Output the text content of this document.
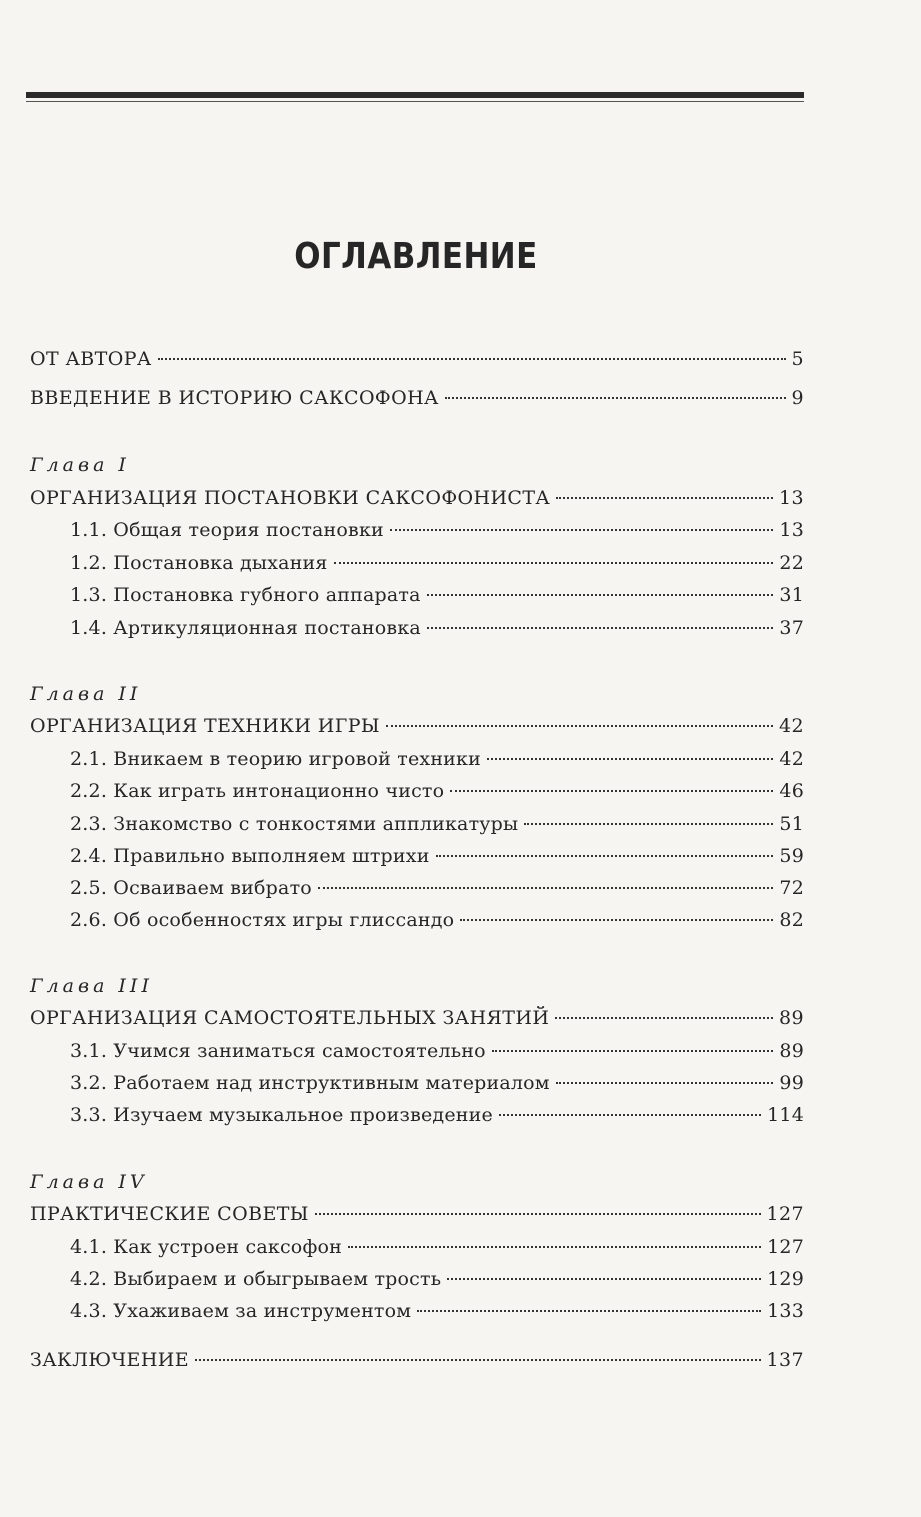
ОГЛАВЛЕНИЕ
ОТ АВТОРА	5
ВВЕДЕНИЕ В ИСТОРИЮ САКСОФОНА	9
Глава I
ОРГАНИЗАЦИЯ ПОСТАНОВКИ САКСОФОНИСТА	13
1.1. Общая теория постановки	13
1.2. Постановка дыхания	22
1.3. Постановка губного аппарата	31
1.4. Артикуляционная постановка	37
Глава II
ОРГАНИЗАЦИЯ ТЕХНИКИ ИГРЫ	42
2.1. Вникаем в теорию игровой техники	42
2.2. Как играть интонационно чисто	46
2.3. Знакомство с тонкостями аппликатуры	51
2.4. Правильно выполняем штрихи	59
2.5. Осваиваем вибрато	72
2.6. Об особенностях игры глиссандо	82
Глава III
ОРГАНИЗАЦИЯ САМОСТОЯТЕЛЬНЫХ ЗАНЯТИЙ	89
3.1. Учимся заниматься самостоятельно	89
3.2. Работаем над инструктивным материалом	99
3.3. Изучаем музыкальное произведение	114
Глава IV
ПРАКТИЧЕСКИЕ СОВЕТЫ	127
4.1. Как устроен саксофон	127
4.2. Выбираем и обыгрываем трость	129
4.3. Ухаживаем за инструментом	133
ЗАКЛЮЧЕНИЕ	137
